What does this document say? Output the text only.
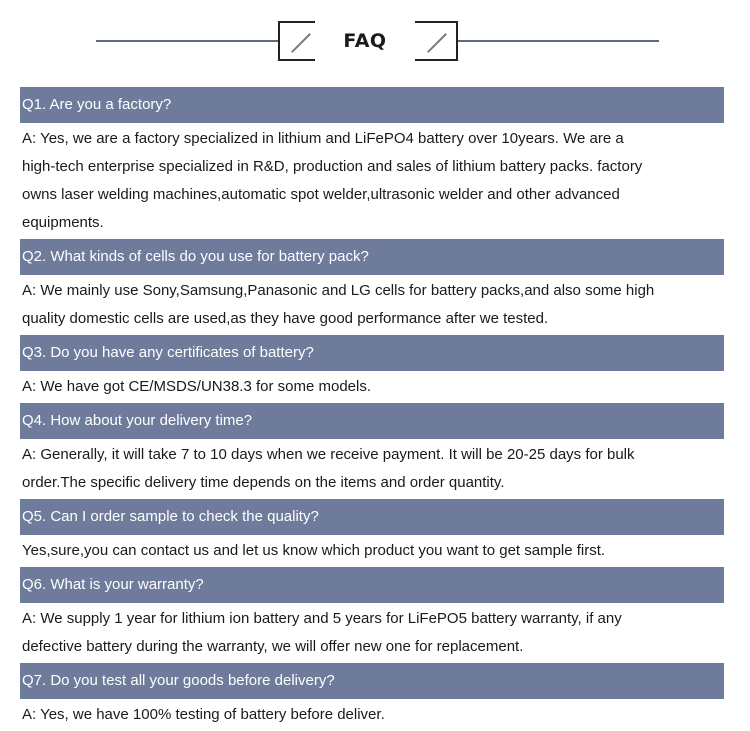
FAQ
Q1. Are you a factory?
A: Yes, we are a factory specialized in lithium and LiFePO4 battery over 10years. We are a
high-tech enterprise specialized in R&D, production and sales of lithium battery packs. factory
owns laser welding machines,automatic spot welder,ultrasonic welder and other advanced
equipments.
Q2. What kinds of cells do you use for battery pack?
A: We mainly use Sony,Samsung,Panasonic and LG cells for battery packs,and also some high
quality domestic cells are used,as they have good performance after we tested.
Q3. Do you have any certificates of battery?
A: We have got CE/MSDS/UN38.3 for some models.
Q4. How about your delivery time?
A: Generally, it will take 7 to 10 days when we receive payment. It will be 20-25 days for bulk
order.The specific delivery time depends on the items and order quantity.
Q5. Can I order sample to check the quality?
Yes,sure,you can contact us and let us know which product you want to get sample first.
Q6. What is your warranty?
A: We supply 1 year for lithium ion battery and 5 years for LiFePO5 battery warranty, if any
defective battery during the warranty, we will offer new one for replacement.
Q7. Do you test all your goods before delivery?
A: Yes, we have 100% testing of battery before deliver.
